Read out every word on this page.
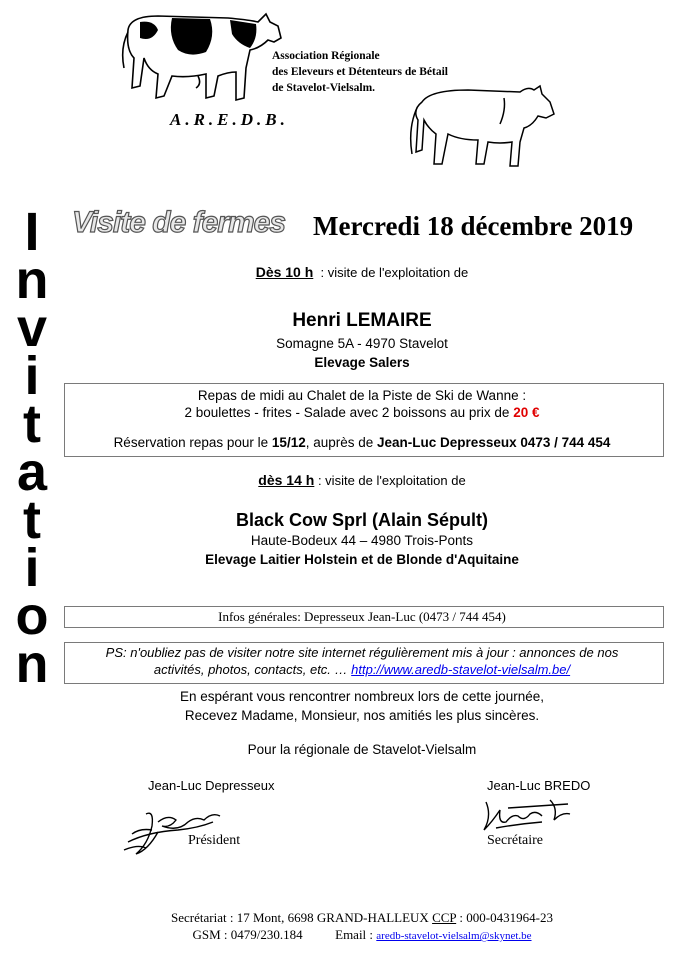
Association Régionale
des Eleveurs et Détenteurs de Bétail
de Stavelot-Vielsalm.
A.R.E.D.B.
I
n
v
i
t
a
t
i
o
n
Visite de fermes Mercredi 18 décembre 2019
Dès 10 h : visite de l'exploitation de
Henri LEMAIRE
Somagne 5A - 4970 Stavelot
Elevage Salers
Repas de midi au Chalet de la Piste de Ski de Wanne :
2 boulettes - frites - Salade avec 2 boissons au prix de 20 €
Réservation repas pour le 15/12, auprès de Jean-Luc Depresseux 0473 / 744 454
dès 14 h : visite de l'exploitation de
Black Cow Sprl (Alain Sépult)
Haute-Bodeux 44 – 4980 Trois-Ponts
Elevage Laitier Holstein et de Blonde d'Aquitaine
Infos générales: Depresseux Jean-Luc (0473 / 744 454)
PS: n'oubliez pas de visiter notre site internet régulièrement mis à jour : annonces de nos
activités, photos, contacts, etc. … http://www.aredb-stavelot-vielsalm.be/
En espérant vous rencontrer nombreux lors de cette journée,
Recevez Madame, Monsieur, nos amitiés les plus sincères.
Pour la régionale de Stavelot-Vielsalm
Jean-Luc Depresseux	Jean-Luc BREDO
Président	Secrétaire
Secrétariat : 17 Mont, 6698 GRAND-HALLEUX CCP : 000-0431964-23
GSM : 0479/230.184	Email : aredb-stavelot-vielsalm@skynet.be
